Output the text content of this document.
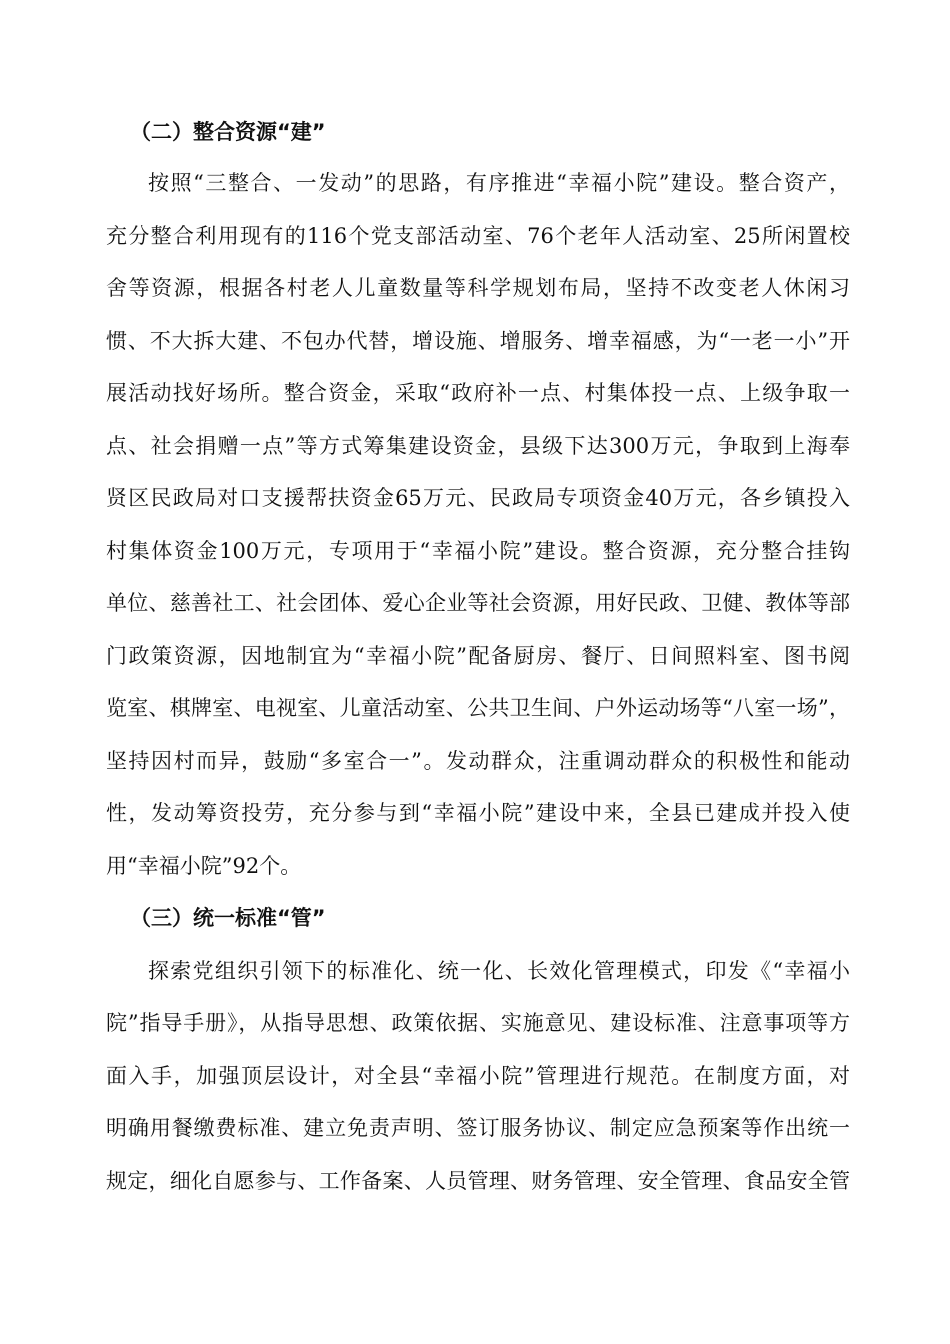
（二）整合资源“建”
按照“三整合、一发动”的思路，有序推进“幸福小院”建设。整合资产，
充分整合利用现有的116个党支部活动室、76个老年人活动室、25所闲置校
舍等资源，根据各村老人儿童数量等科学规划布局，坚持不改变老人休闲习
惯、不大拆大建、不包办代替，增设施、增服务、增幸福感，为“一老一小”开
展活动找好场所。整合资金，采取“政府补一点、村集体投一点、上级争取一
点、社会捐赠一点”等方式筹集建设资金，县级下达300万元，争取到上海奉
贤区民政局对口支援帮扶资金65万元、民政局专项资金40万元，各乡镇投入
村集体资金100万元，专项用于“幸福小院”建设。整合资源，充分整合挂钩
单位、慈善社工、社会团体、爱心企业等社会资源，用好民政、卫健、教体等部
门政策资源，因地制宜为“幸福小院”配备厨房、餐厅、日间照料室、图书阅
览室、棋牌室、电视室、儿童活动室、公共卫生间、户外运动场等“八室一场”，
坚持因村而异，鼓励“多室合一”。发动群众，注重调动群众的积极性和能动
性，发动筹资投劳，充分参与到“幸福小院”建设中来，全县已建成并投入使
用“幸福小院”92个。
（三）统一标准“管”
探索党组织引领下的标准化、统一化、长效化管理模式，印发《“幸福小
院”指导手册》，从指导思想、政策依据、实施意见、建设标准、注意事项等方
面入手，加强顶层设计，对全县“幸福小院”管理进行规范。在制度方面，对
明确用餐缴费标准、建立免责声明、签订服务协议、制定应急预案等作出统一
规定，细化自愿参与、工作备案、人员管理、财务管理、安全管理、食品安全管
